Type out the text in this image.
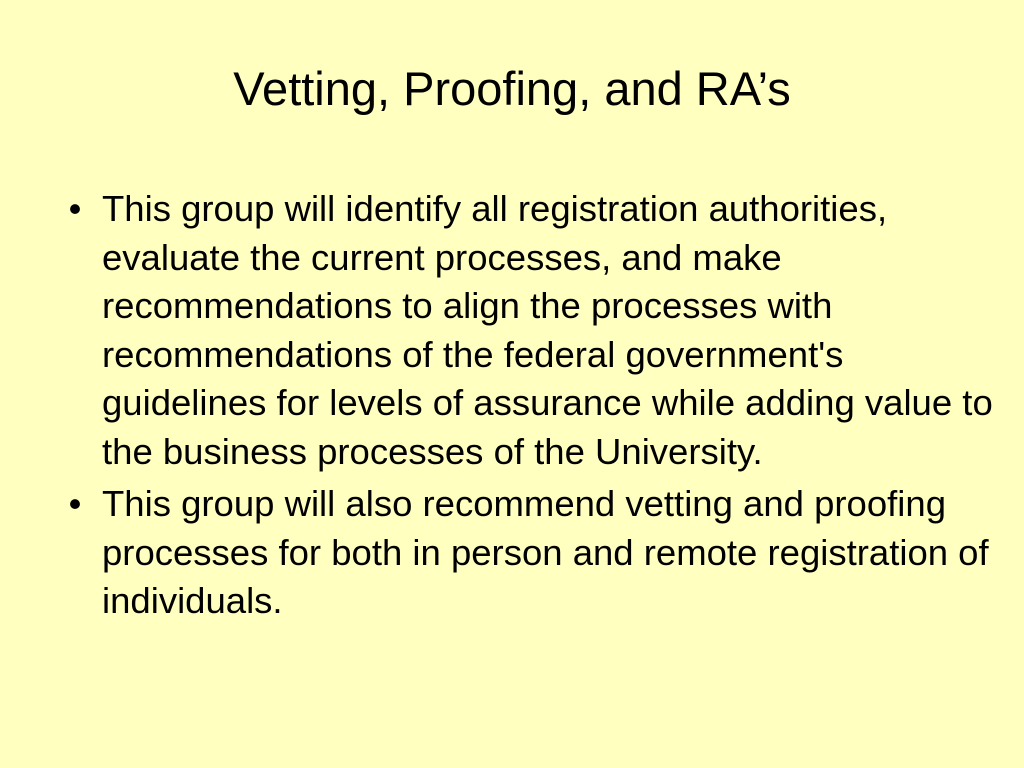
Vetting, Proofing, and RA’s
• This group will identify all registration authorities, evaluate the current processes, and make recommendations to align the processes with recommendations of the federal government's guidelines for levels of assurance while adding value to the business processes of the University.
• This group will also recommend vetting and proofing processes for both in person and remote registration of individuals.
